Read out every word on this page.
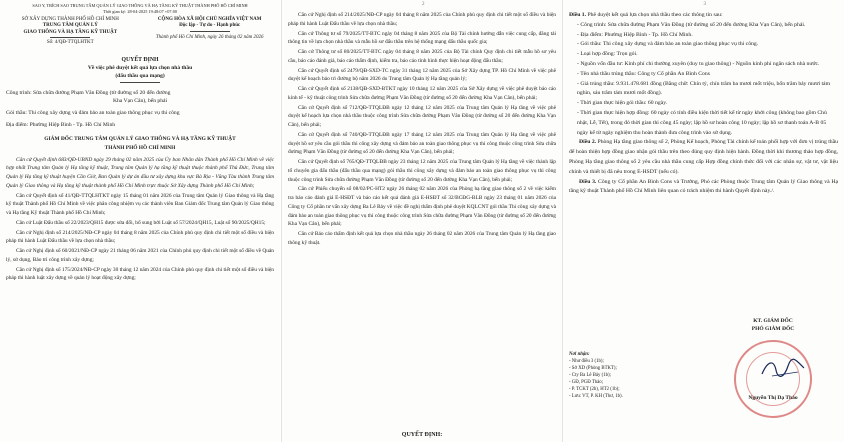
SAO Y, TRÍCH SAO TRUNG TÂM QUẢN LÝ GIAO THÔNG VÀ HẠ TẦNG KỸ THUẬT THÀNH PHỐ HỒ CHÍ MINH
Thời gian ký: 28-04-2025 19:48:07 +07:00
SỞ XÂY DỰNG THÀNH PHỐ HỒ CHÍ MINH
TRUNG TÂM QUẢN LÝ
GIAO THÔNG VÀ HẠ TẦNG KỸ THUẬT
Số: 4/QĐ-TTQLHTKT
CỘNG HÒA XÃ HỘI CHỦ NGHĨA VIỆT NAM
Độc lập - Tự do - Hạnh phúc
Thành phố Hồ Chí Minh, ngày 26 tháng 02 năm 2026
QUYẾT ĐỊNH
Về việc phê duyệt kết quả lựa chọn nhà thầu
(đấu thầu qua mạng)
Công trình: Sửa chữa đường Phạm Văn Đồng (từ đường số 20 đến đường
Kha Vạn Cân), bến phải
Gói thầu: Thi công xây dựng và đảm bảo an toàn giao thông phục vụ thi công
Địa điểm: Phường Hiệp Bình - Tp. Hồ Chí Minh
GIÁM ĐỐC TRUNG TÂM QUẢN LÝ GIAO THÔNG VÀ HẠ TẦNG KỸ THUẬT
THÀNH PHỐ HỒ CHÍ MINH

Căn cứ Quyết định 683/QĐ-UBND ngày 29 tháng 02 năm 2025 của Ủy ban Nhân dân Thành phố Hồ Chí Minh về việc hợp nhất Trung tâm Quản lý Hạ tầng kỹ thuật, Trung tâm Quản lý hạ tầng kỹ thuật thuộc thành phố Thủ Đức, Trung tâm Quản lý Hạ tầng kỹ thuật huyện Cần Giờ, Ban Quản lý dự án đầu tư xây dựng khu vực Bà Rịa - Vũng Tàu thành Trung tâm Quản lý Giao thông và Hạ tầng kỹ thuật thành phố Hồ Chí Minh trực thuộc Sở Xây dựng Thành phố Hồ Chí Minh;

Căn cứ Quyết định số 41/QĐ-TTQLHTKT ngày 15 tháng 01 năm 2026 của Trung tâm Quản lý Giao thông và Hạ tầng kỹ thuật Thành phố Hồ Chí Minh về việc phân công nhiệm vụ các thành viên Ban Giám đốc Trung tâm Quản lý Giao thông và Hạ tầng Kỹ thuật Thành phố Hồ Chí Minh;

Căn cứ Luật Đấu thầu số 22/2023/QH15 được sửa đổi, bổ sung bởi Luật số 57/2024/QH15, Luật số 90/2025/QH15;

Căn cứ Nghị định số 214/2025/NĐ-CP ngày 04 tháng 8 năm 2025 của Chính phủ quy định chi tiết một số điều và biện pháp thi hành Luật Đấu thầu về lựa chọn nhà thầu;

Căn cứ Nghị định số 60/2021/NĐ-CP ngày 21 tháng 06 năm 2021 của Chính phủ quy định chi tiết một số điều về Quản lý, sử dụng, Bảo trì công trình xây dựng;

Căn cứ Nghị định số 175/2024/NĐ-CP ngày 30 tháng 12 năm 2024 của Chính phủ quy định chi tiết một số điều và biện pháp thi hành luật xây dựng về quản lý hoạt động xây dựng;

2

Căn cứ Nghị định số 214/2025/NĐ-CP ngày 04 tháng 8 năm 2025 của Chính phủ quy định chi tiết một số điều và biện pháp thi hành Luật Đấu thầu về lựa chọn nhà thầu;

Căn cứ Thông tư số 79/2025/TT-BTC ngày 04 tháng 8 năm 2025 của Bộ Tài chính hướng dẫn việc cung cấp, đăng tải thông tin về lựa chọn nhà thầu và mẫu hồ sơ đấu thầu trên hệ thống mạng đấu thầu quốc gia;

Căn cứ Thông tư số 80/2025/TT-BTC ngày 04 tháng 8 năm 2025 của Bộ Tài chính Quy định chi tiết mẫu hồ sơ yêu cầu, báo cáo đánh giá, báo cáo thẩm định, kiểm tra, báo cáo tình hình thực hiện hoạt động đấu thầu;

Căn cứ Quyết định số 2479/QĐ-SXD-TC ngày 31 tháng 12 năm 2025 của Sở Xây dựng TP. Hồ Chí Minh về việc phê duyệt kế hoạch bảo trì đường bộ năm 2026 do Trung tâm Quản lý Hạ tầng quản lý;

Căn cứ Quyết định số 2138/QĐ-SXD-BTKT ngày 10 tháng 12 năm 2025 của Sở Xây dựng về việc phê duyệt báo cáo kinh tế - kỹ thuật công trình Sửa chữa đường Phạm Văn Đồng (từ đường số 20 đến đường Kha Vạn Cân), bến phải;

Căn cứ Quyết định số 712/QĐ-TTQLĐB ngày 12 tháng 12 năm 2025 của Trung tâm Quản lý Hạ tầng về việc phê duyệt kế hoạch lựa chọn nhà thầu thuộc công trình Sửa chữa đường Phạm Văn Đồng (từ đường số 20 đến đường Kha Vạn Cân), bến phải;

Căn cứ Quyết định số 740/QĐ-TTQLĐB ngày 17 tháng 12 năm 2025 của Trung tâm Quản lý Hạ tầng về việc phê duyệt hồ sơ yêu cầu gói thầu thi công xây dựng và đảm bảo an toàn giao thông phục vụ thi công thuộc công trình Sửa chữa đường Phạm Văn Đồng (từ đường số 20 đến đường Kha Vạn Cân), bến phải;

Căn cứ Quyết định số 765/QĐ-TTQLĐB ngày 23 tháng 12 năm 2025 của Trung tâm Quản lý Hạ tầng về việc thành lập tổ chuyên gia đấu thầu (đấu thầu qua mạng) gói thầu thi công xây dựng và đảm bảo an toàn giao thông phục vụ thi công thuộc công trình Sửa chữa đường Phạm Văn Đồng (từ đường số 20 đến đường Kha Vạn Cân), bến phải;

Căn cứ Phiếu chuyển số 08/02/PC-HT2 ngày 26 tháng 02 năm 2026 của Phòng hạ tầng giao thông số 2 về việc kiểm tra báo cáo đánh giá E-HSĐT và báo cáo kết quả đánh giá E-HSĐT số 32/BCĐG-BLB ngày 23 tháng 01 năm 2026 của Công ty Cổ phần tư vấn xây dựng Ba Lê Bảy về việc đề nghị thẩm định phê duyệt KQLCNT gói thầu Thi công xây dựng và đảm bảo an toàn giao thông phục vụ thi công thuộc công trình Sửa chữa đường Phạm Văn Đồng (từ đường số 20 đến đường Kha Vạn Cân), bến phải;

Căn cứ Báo cáo thẩm định kết quả lựa chọn nhà thầu ngày 26 tháng 02 năm 2026 của Trung tâm Quản lý Hạ tầng giao thông kỹ thuật.

QUYẾT ĐỊNH:
3

Điều 1. Phê duyệt kết quả lựa chọn nhà thầu theo các thông tin sau:

- Công trình: Sửa chữa đường Phạm Văn Đồng (từ đường số 20 đến đường Kha Vạn Cân), bến phải.

- Địa điểm: Phường Hiệp Bình - Tp. Hồ Chí Minh.

- Gói thầu: Thi công xây dựng và đảm bảo an toàn giao thông phục vụ thi công.

- Loại hợp đồng: Trọn gói.

- Nguồn vốn đầu tư: Kinh phí chi thường xuyên (duy tu giao thông) - Nguồn kinh phí ngân sách nhà nước.

- Tên nhà thầu trúng thầu: Công ty Cổ phần An Bình Cons

- Giá trúng thầu: 9.931.478.681 đồng (Bằng chữ: Chín tỷ, chín trăm ba mươi mốt triệu, bốn trăm bảy mươi tám nghìn, sáu trăm tám mươi mốt đồng).

- Thời gian thực hiện gói thầu: 60 ngày.

- Thời gian thực hiện hợp đồng: 60 ngày có tính điều kiện thời tiết kể từ ngày khởi công (không bao gồm Chủ nhật, Lễ, Tết), trong đó thời gian thi công 45 ngày; lập hồ sơ hoàn công 10 ngày; lập hồ sơ thanh toán A-B 05 ngày kể từ ngày nghiệm thu hoàn thành đưa công trình vào sử dụng.

Điều 2. Phòng Hạ tầng giao thông số 2, Phòng Kế hoạch, Phòng Tài chính kế toán phối hợp với đơn vị trúng thầu để hoàn thiện hợp đồng giao nhận gói thầu trên theo đúng quy định hiện hành. Đồng thời khi thương thảo hợp đồng, Phòng Hạ tầng giao thông số 2 yêu cầu nhà thầu cung cấp Hợp đồng chính thức đối với các nhân sự, vật tư, vật liệu chính và thiết bị đã nêu trong E-HSDT (nếu có).

Điều 3. Công ty Cổ phần An Bình Cons và Trưởng, Phó các Phòng thuộc Trung tâm Quản lý Giao thông và Hạ tầng kỹ thuật Thành phố Hồ Chí Minh liên quan có trách nhiệm thi hành Quyết định này./.

Nơi nhận:
- Như điều 3 (1b);
- Sở XD (Phòng BTKT);
- Cty Ba Lê Bảy (1b);
- GĐ, PGĐ Thảo;
- P. TCKT (2b), HT2 (1b);
- Lưu: VT, P. KH (Thư, 1b).
KT. GIÁM ĐỐC
PHÓ GIÁM ĐỐC
Nguyễn Thị Dạ Thảo
